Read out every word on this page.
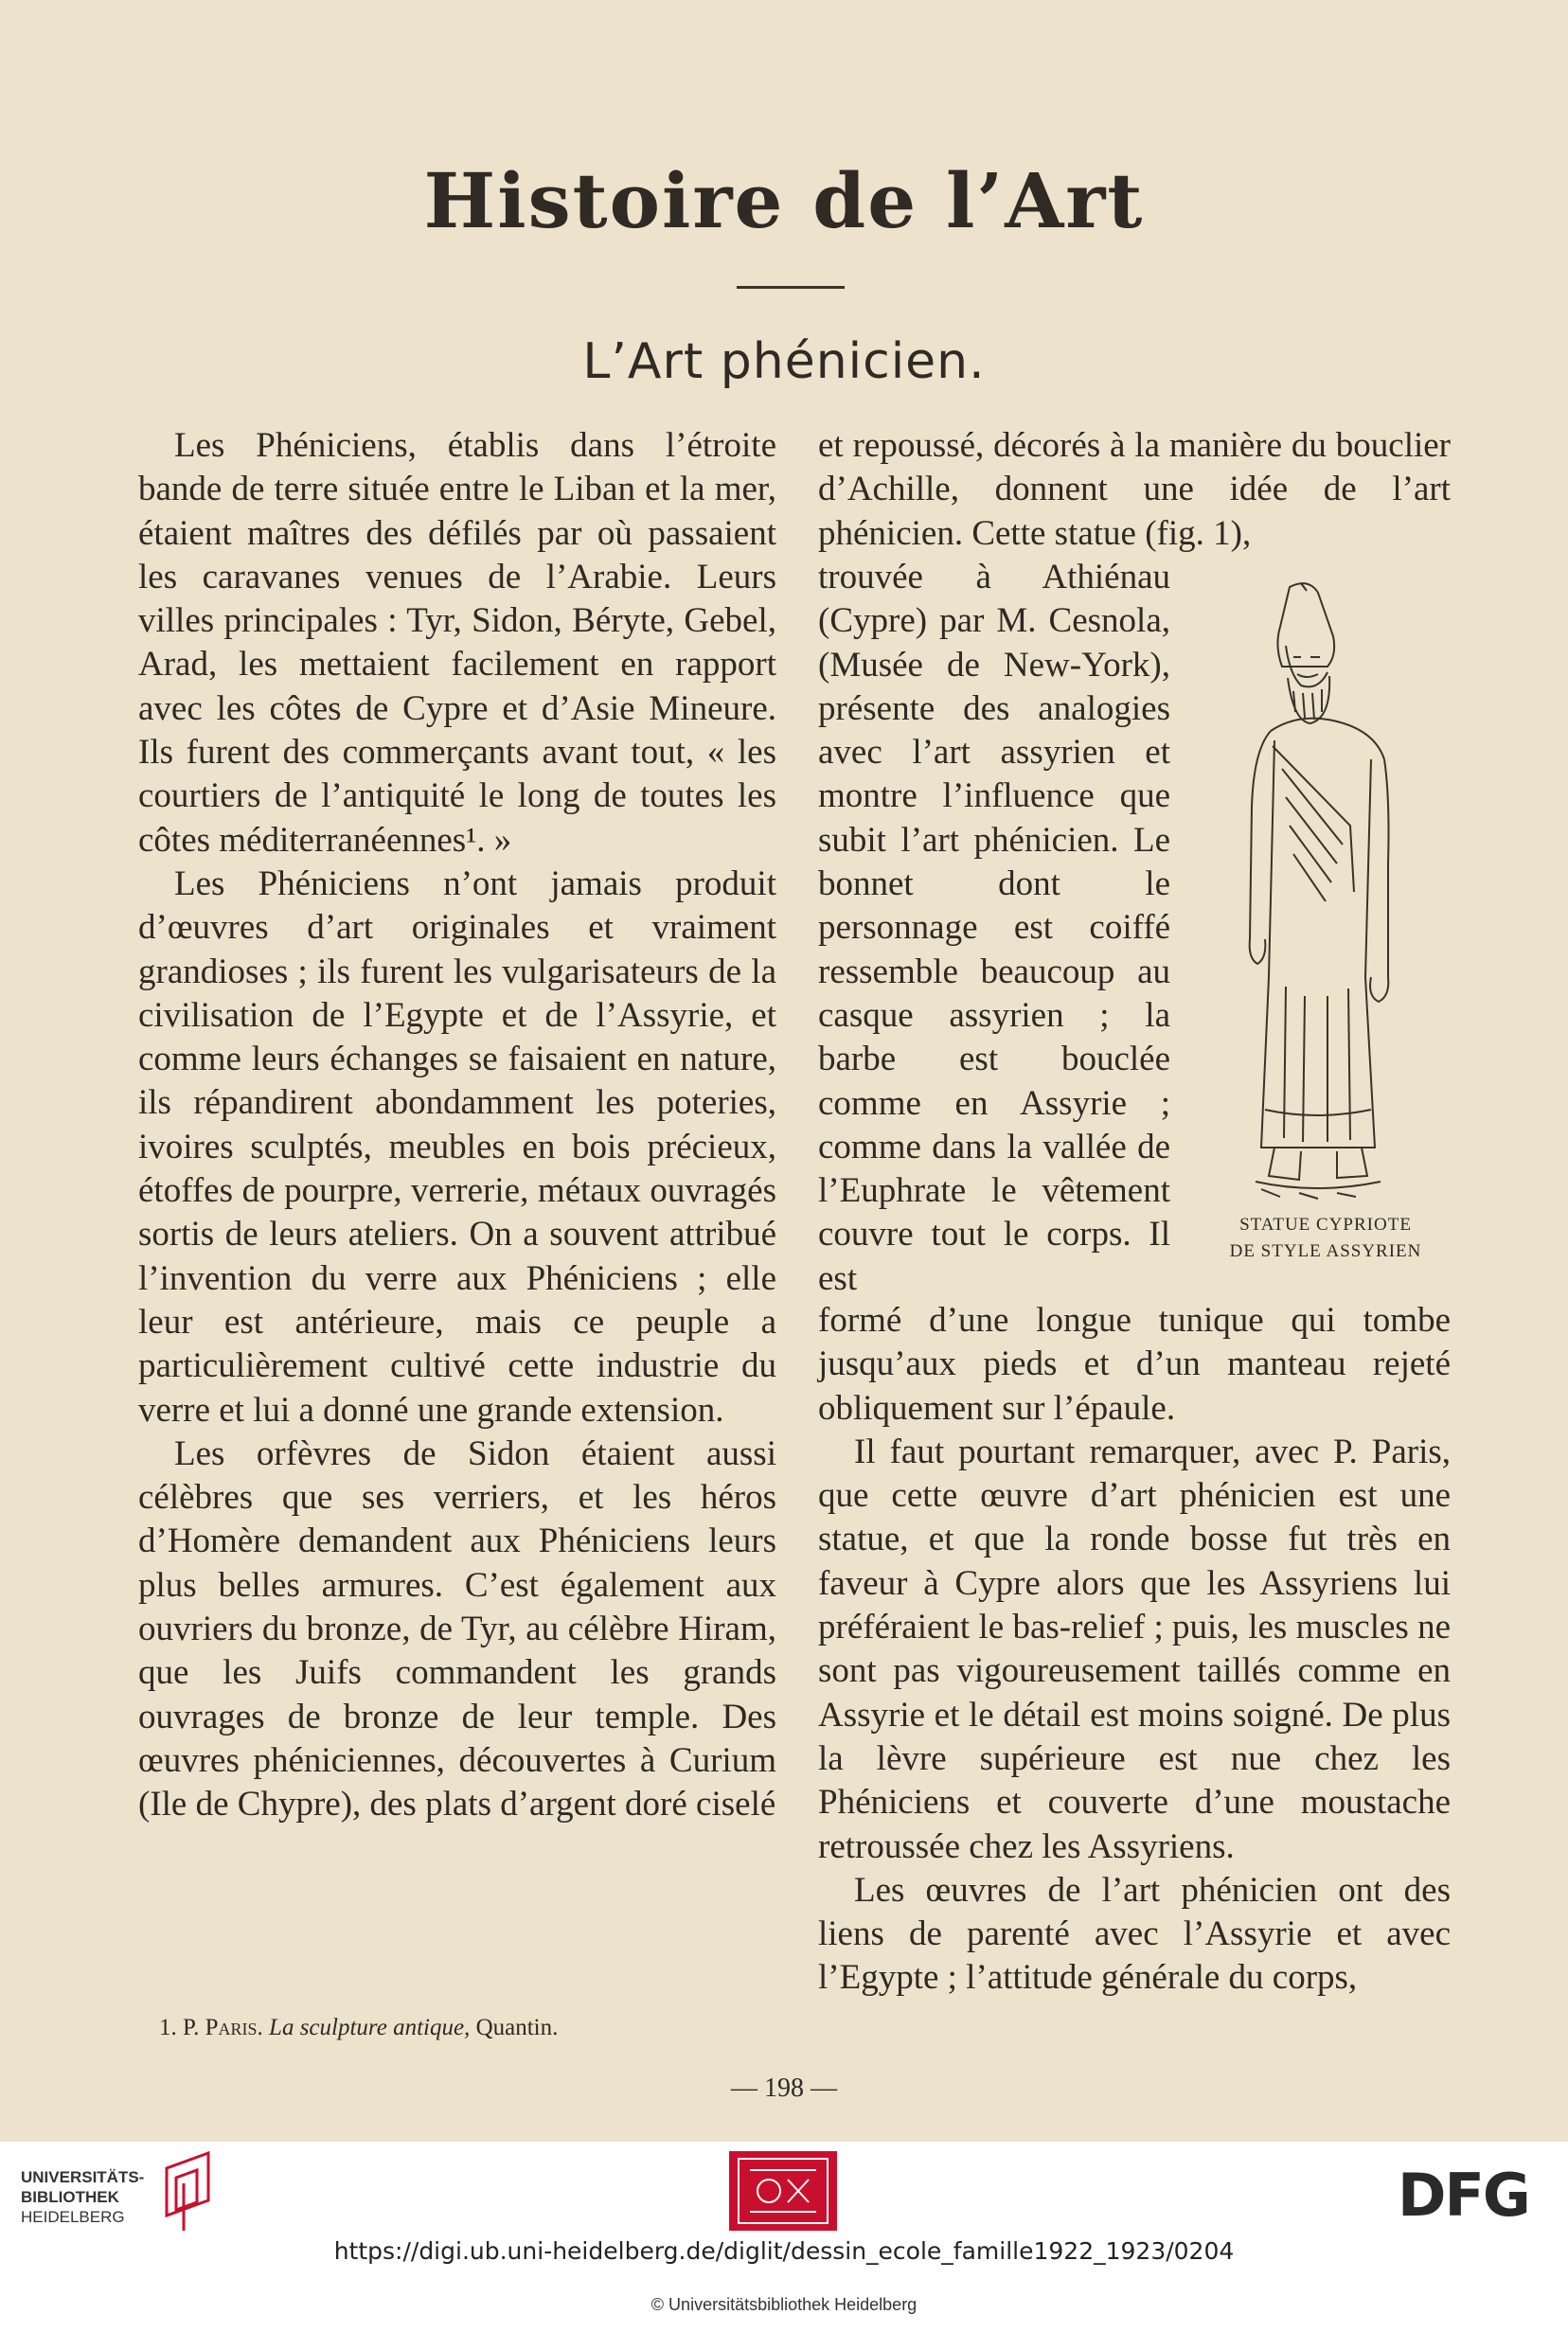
Histoire de l’Art
L’Art phénicien.

Les Phéniciens, établis dans l’étroite bande de terre située entre le Liban et la mer, étaient maîtres des défilés par où passaient les caravanes venues de l’Arabie. Leurs villes principales : Tyr, Sidon, Béryte, Gebel, Arad, les mettaient facilement en rapport avec les côtes de Cypre et d’Asie Mineure. Ils furent des commerçants avant tout, « les courtiers de l’antiquité le long de toutes les côtes méditerranéennes¹. »

Les Phéniciens n’ont jamais produit d’œuvres d’art originales et vraiment grandioses ; ils furent les vulgarisateurs de la civilisation de l’Egypte et de l’Assyrie, et comme leurs échanges se faisaient en nature, ils répandirent abondamment les poteries, ivoires sculptés, meubles en bois précieux, étoffes de pourpre, verrerie, métaux ouvragés sortis de leurs ateliers. On a souvent attribué l’invention du verre aux Phéniciens ; elle leur est antérieure, mais ce peuple a particulièrement cultivé cette industrie du verre et lui a donné une grande extension.

Les orfèvres de Sidon étaient aussi célèbres que ses verriers, et les héros d’Homère demandent aux Phéniciens leurs plus belles armures. C’est également aux ouvriers du bronze, de Tyr, au célèbre Hiram, que les Juifs commandent les grands ouvrages de bronze de leur temple. Des œuvres phéniciennes, découvertes à Curium (Ile de Chypre), des plats d’argent doré ciselé

et repoussé, décorés à la manière du bouclier d’Achille, donnent une idée de l’art phénicien. Cette statue (fig. 1),

trouvée à Athiénau (Cypre) par M. Cesnola, (Musée de New-York), présente des analogies avec l’art assyrien et montre l’influence que subit l’art phénicien. Le bonnet dont le personnage est coiffé ressemble beaucoup au casque assyrien ; la barbe est bouclée comme en Assyrie ; comme dans la vallée de l’Euphrate le vêtement couvre tout le corps. Il est

STATUE CYPRIOTE
DE STYLE ASSYRIEN

formé d’une longue tunique qui tombe jusqu’aux pieds et d’un manteau rejeté obliquement sur l’épaule.

Il faut pourtant remarquer, avec P. Paris, que cette œuvre d’art phénicien est une statue, et que la ronde bosse fut très en faveur à Cypre alors que les Assyriens lui préféraient le bas-relief ; puis, les muscles ne sont pas vigoureusement taillés comme en Assyrie et le détail est moins soigné. De plus la lèvre supérieure est nue chez les Phéniciens et couverte d’une moustache retroussée chez les Assyriens.

Les œuvres de l’art phénicien ont des liens de parenté avec l’Assyrie et avec l’Egypte ; l’attitude générale du corps,

1. P. Paris. La sculpture antique, Quantin.
— 198 —
UNIVERSITÄTS-
BIBLIOTHEK
HEIDELBERG	DFG
https://digi.ub.uni-heidelberg.de/diglit/dessin_ecole_famille1922_1923/0204
© Universitätsbibliothek Heidelberg
